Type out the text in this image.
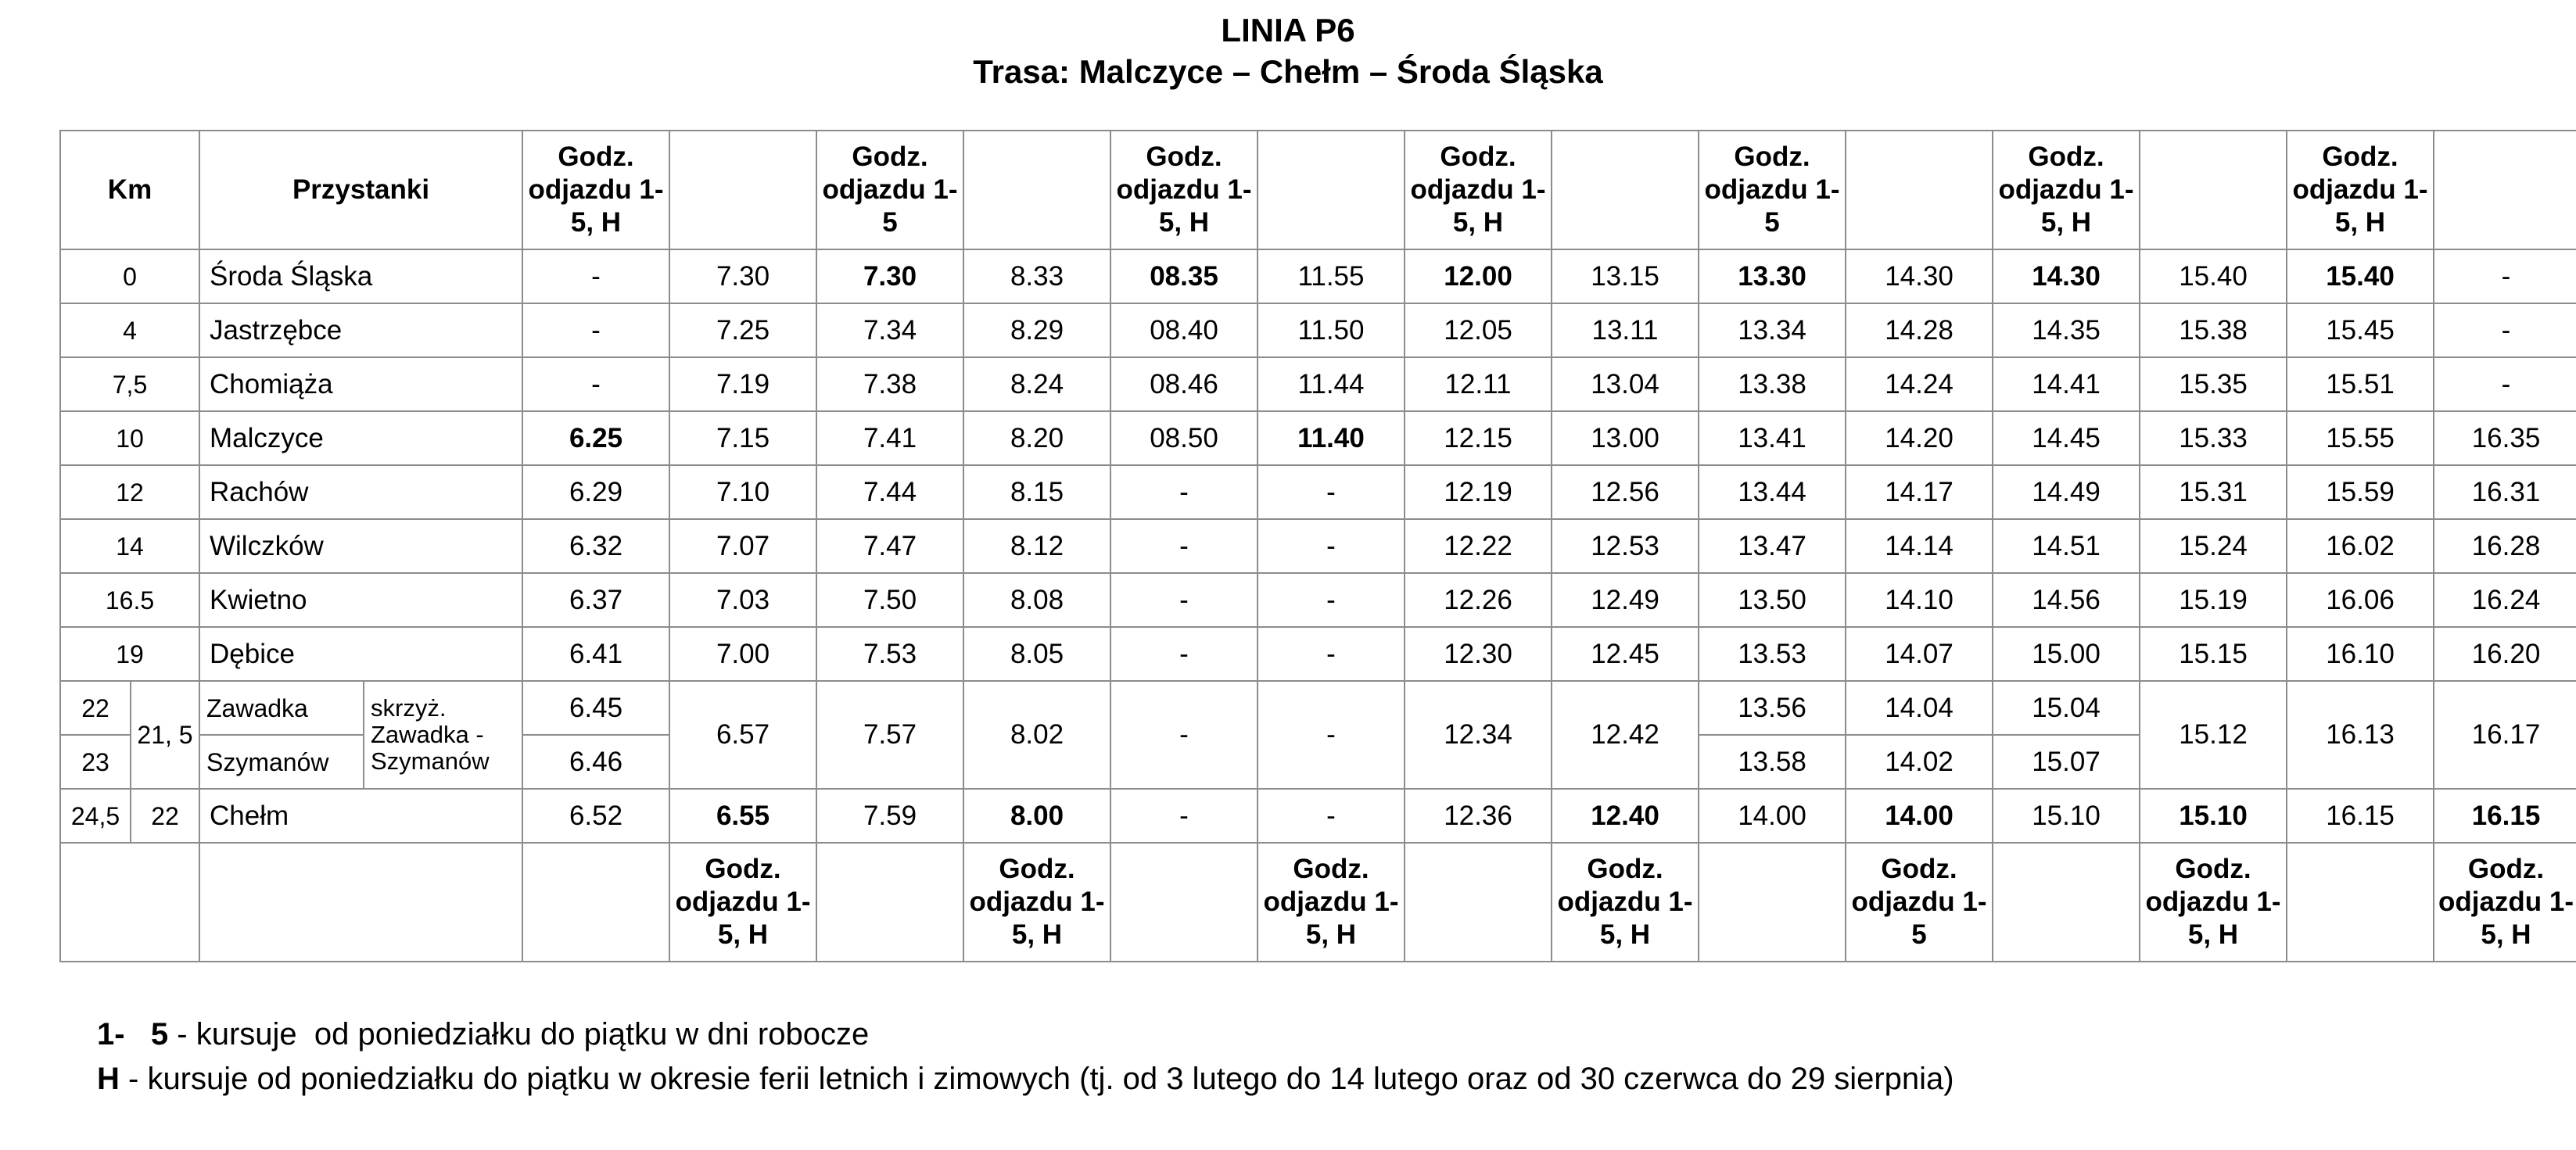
LINIA P6
Trasa: Malczyce – Chełm – Środa Śląska
Km		Przystanki		Godz. odjazdu 1-5, H		Godz. odjazdu 1-5		Godz. odjazdu 1-5, H		Godz. odjazdu 1-5, H		Godz. odjazdu 1-5		Godz. odjazdu 1-5, H		Godz. odjazdu 1-5, H	
0		Środa Śląska		-	7.30	7.30	8.33	08.35	11.55	12.00	13.15	13.30	14.30	14.30	15.40	15.40	-
4		Jastrzębce		-	7.25	7.34	8.29	08.40	11.50	12.05	13.11	13.34	14.28	14.35	15.38	15.45	-
7,5		Chomiąża		-	7.19	7.38	8.24	08.46	11.44	12.11	13.04	13.38	14.24	14.41	15.35	15.51	-
10		Malczyce		6.25	7.15	7.41	8.20	08.50	11.40	12.15	13.00	13.41	14.20	14.45	15.33	15.55	16.35
12		Rachów		6.29	7.10	7.44	8.15	-	-	12.19	12.56	13.44	14.17	14.49	15.31	15.59	16.31
14		Wilczków		6.32	7.07	7.47	8.12	-	-	12.22	12.53	13.47	14.14	14.51	15.24	16.02	16.28
16.5		Kwietno		6.37	7.03	7.50	8.08	-	-	12.26	12.49	13.50	14.10	14.56	15.19	16.06	16.24
19		Dębice		6.41	7.00	7.53	8.05	-	-	12.30	12.45	13.53	14.07	15.00	15.15	16.10	16.20
22	21, 5	Zawadka	skrzyż. Zawadka - Szymanów	6.45	6.57	7.57	8.02	-	-	12.34	12.42	13.56	14.04	15.04	15.12	16.13	16.17
23		Szymanów		6.46								13.58	14.02	15.07			
24,5	22	Chełm		6.52	6.55	7.59	8.00	-	-	12.36	12.40	14.00	14.00	15.10	15.10	16.15	16.15
					Godz. odjazdu 1-5, H		Godz. odjazdu 1-5, H		Godz. odjazdu 1-5, H		Godz. odjazdu 1-5, H		Godz. odjazdu 1-5		Godz. odjazdu 1-5, H		Godz. odjazdu 1-5, H
1-   5 - kursuje  od poniedziałku do piątku w dni robocze
H - kursuje od poniedziałku do piątku w okresie ferii letnich i zimowych (tj. od 3 lutego do 14 lutego oraz od 30 czerwca do 29 sierpnia)
